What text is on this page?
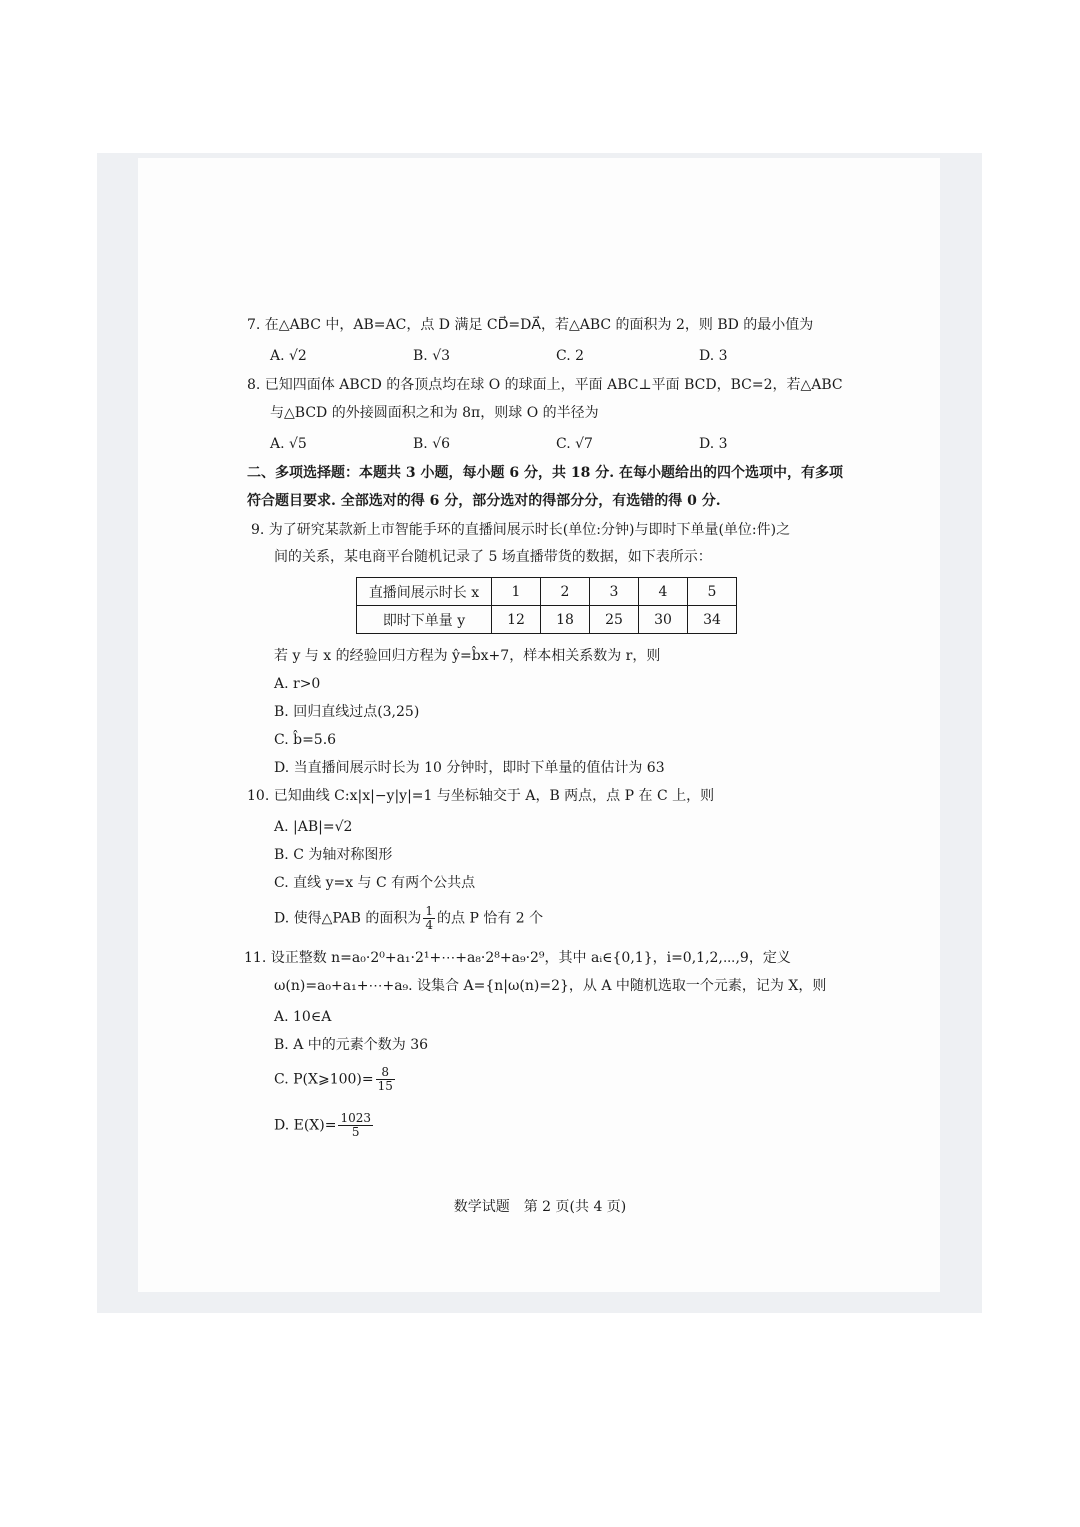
7. 在△ABC 中，AB=AC，点 D 满足 CD⃗=DA⃗，若△ABC 的面积为 2，则 BD 的最小值为
A. √2	B. √3	C. 2	D. 3
8. 已知四面体 ABCD 的各顶点均在球 O 的球面上，平面 ABC⊥平面 BCD，BC=2，若△ABC
与△BCD 的外接圆面积之和为 8π，则球 O 的半径为
A. √5	B. √6	C. √7	D. 3
二、多项选择题：本题共 3 小题，每小题 6 分，共 18 分. 在每小题给出的四个选项中，有多项
符合题目要求. 全部选对的得 6 分，部分选对的得部分分，有选错的得 0 分.
9. 为了研究某款新上市智能手环的直播间展示时长(单位:分钟)与即时下单量(单位:件)之
间的关系，某电商平台随机记录了 5 场直播带货的数据，如下表所示：
直播间展示时长 x	1	2	3	4	5
即时下单量 y	12	18	25	30	34
若 y 与 x 的经验回归方程为 ŷ=b̂x+7，样本相关系数为 r，则
A. r>0
B. 回归直线过点(3,25)
C. b̂=5.6
D. 当直播间展示时长为 10 分钟时，即时下单量的值估计为 63
10. 已知曲线 C:x|x|−y|y|=1 与坐标轴交于 A，B 两点，点 P 在 C 上，则
A. |AB|=√2
B. C 为轴对称图形
C. 直线 y=x 与 C 有两个公共点
D. 使得△PAB 的面积为 $\frac{1}{4}$ 的点 P 恰有 2 个
11. 设正整数 n=a₀·2⁰+a₁·2¹+⋯+a₈·2⁸+a₉·2⁹，其中 aᵢ∈{0,1}，i=0,1,2,⋯,9，定义
ω(n)=a₀+a₁+⋯+a₉. 设集合 A={n|ω(n)=2}，从 A 中随机选取一个元素，记为 X，则
A. 10∈A
B. A 中的元素个数为 36
C. P(X⩾100)= $\frac{8}{15}$
D. $E(X)= \frac{1023}{5}$
数学试题　第 2 页(共 4 页)
